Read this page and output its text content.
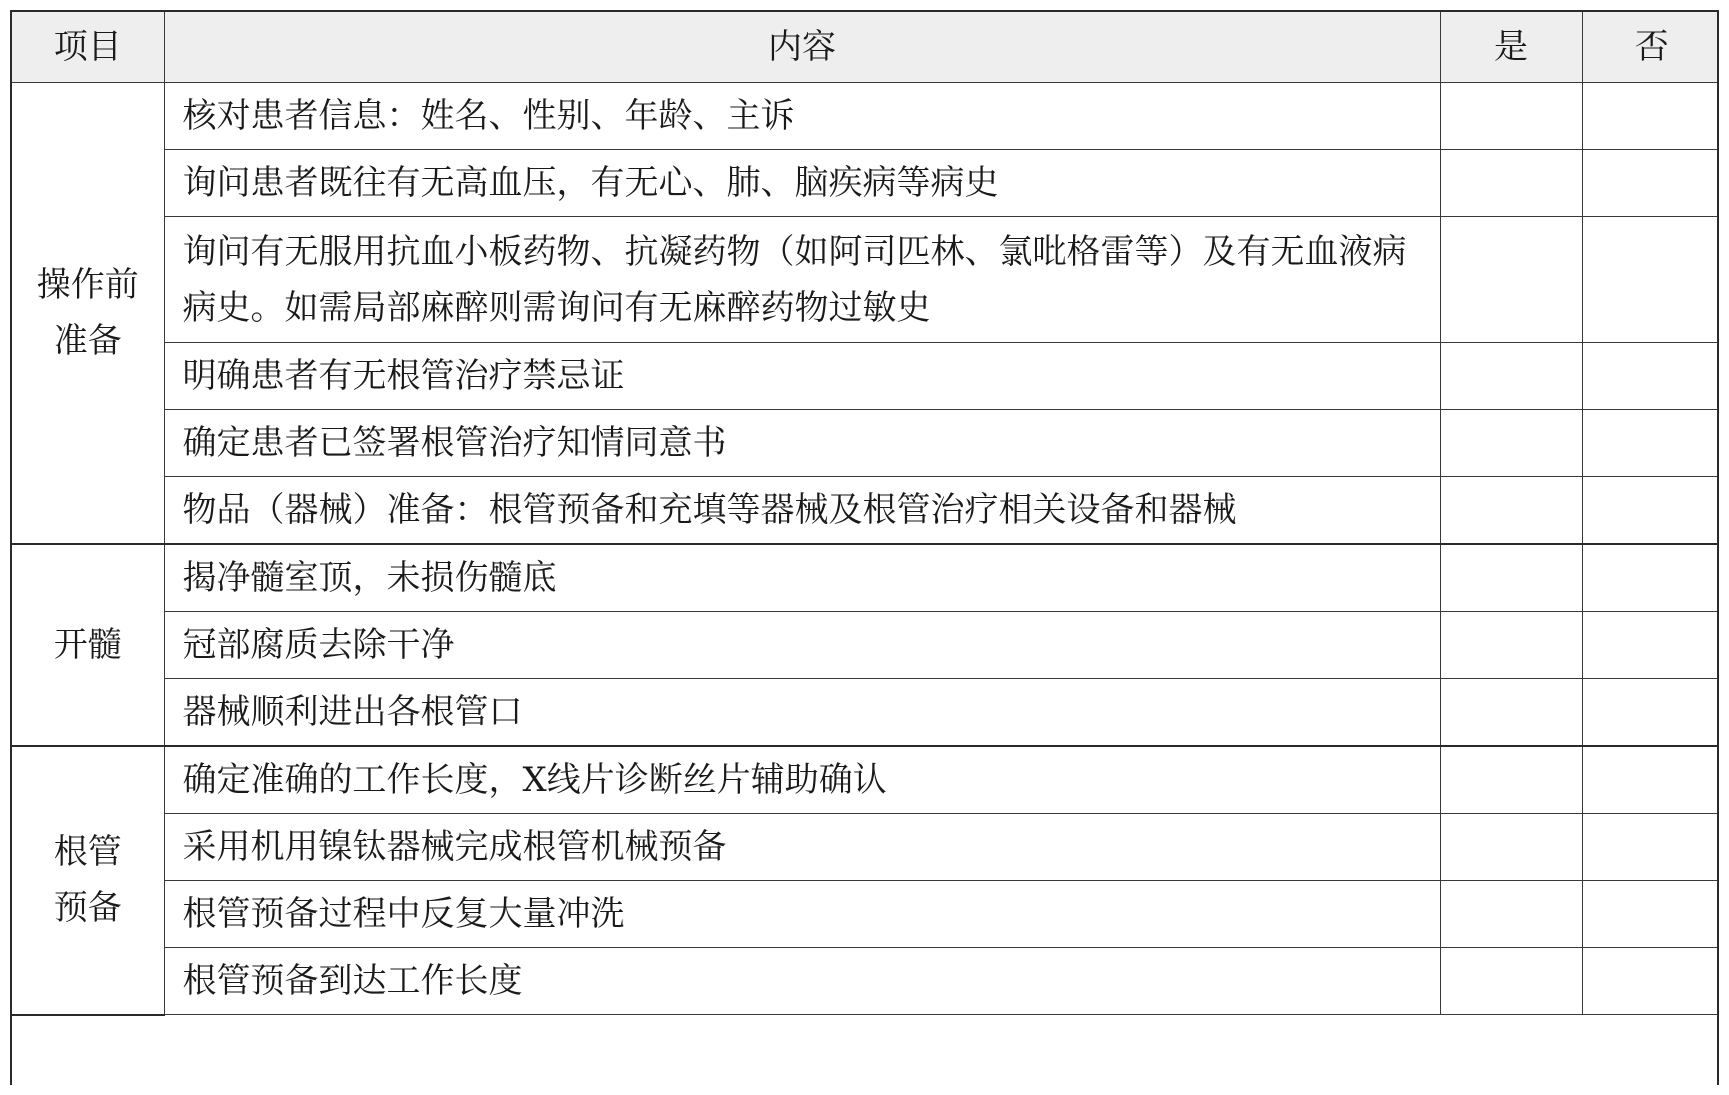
项目	内容	是	否

操作前
准备	核对患者信息：姓名、性别、年龄、主诉		
	询问患者既往有无高血压，有无心、肺、脑疾病等病史		
	询问有无服用抗血小板药物、抗凝药物（如阿司匹林、氯吡格雷等）及有无血液病病史。如需局部麻醉则需询问有无麻醉药物过敏史		
	明确患者有无根管治疗禁忌证		
	确定患者已签署根管治疗知情同意书		
	物品（器械）准备：根管预备和充填等器械及根管治疗相关设备和器械		

开髓	揭净髓室顶，未损伤髓底		
	冠部腐质去除干净		
	器械顺利进出各根管口		

根管
预备	确定准确的工作长度，X线片诊断丝片辅助确认		
	采用机用镍钛器械完成根管机械预备		
	根管预备过程中反复大量冲洗		
	根管预备到达工作长度		
